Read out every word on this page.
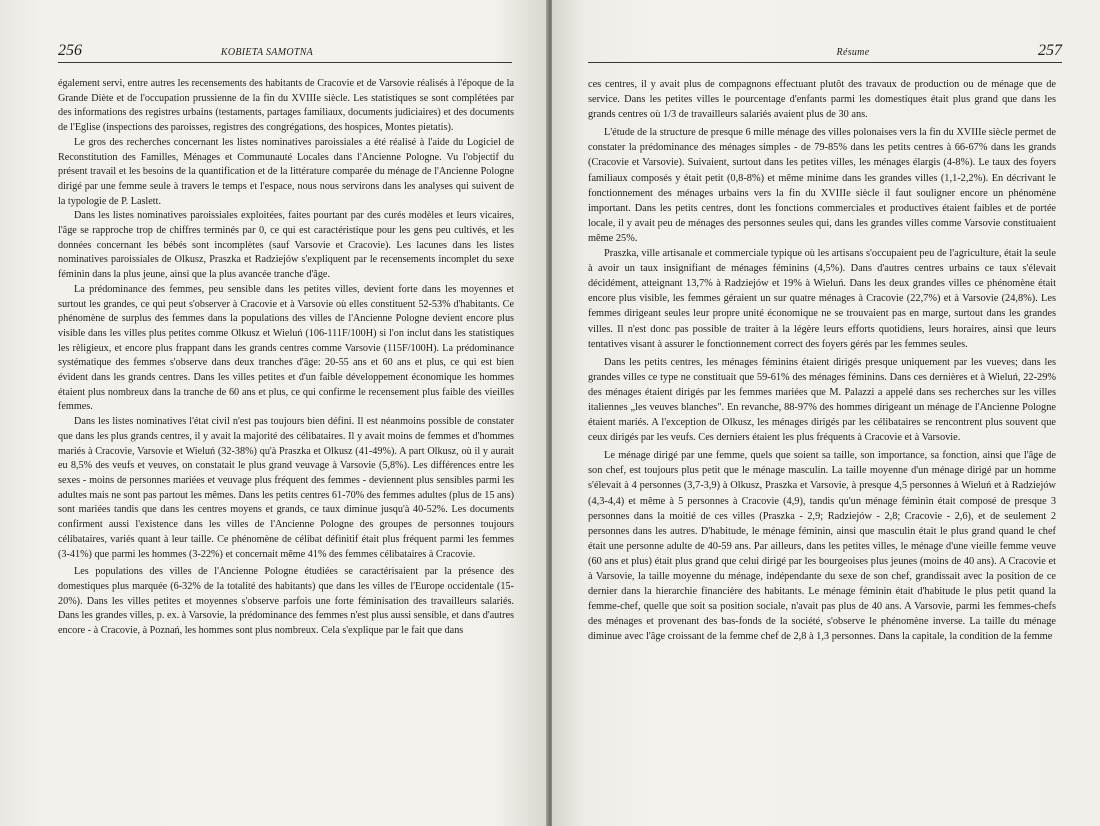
256	KOBIETA SAMOTNA

également servi, entre autres les recensements des habitants de Cracovie et de Varsovie réalisés à l'époque de la Grande Diète et de l'occupation prussienne de la fin du XVIIIe siècle. Les statistiques se sont complétées par des informations des registres urbains (testaments, partages familiaux, documents judiciaires) et des documents de l'Eglise (inspections des paroisses, registres des congrégations, des hospices, Montes pietatis).

Le gros des recherches concernant les listes nominatives paroissiales a été réalisé à l'aide du Logiciel de Reconstitution des Familles, Ménages et Communauté Locales dans l'Ancienne Pologne. Vu l'objectif du présent travail et les besoins de la quantification et de la littérature comparée du ménage de l'Ancienne Pologne dirigé par une femme seule à travers le temps et l'espace, nous nous servirons dans les analyses qui suivent de la typologie de P. Laslett.

Dans les listes nominatives paroissiales exploitées, faites pourtant par des curés modèles et leurs vicaires, l'âge se rapproche trop de chiffres terminés par 0, ce qui est caractéristique pour les gens peu cultivés, et les données concernant les bébés sont incomplètes (sauf Varsovie et Cracovie). Les lacunes dans les listes nominatives paroissiales de Olkusz, Praszka et Radziejów s'expliquent par le recensements incomplet du sexe féminin dans la plus jeune, ainsi que la plus avancée tranche d'âge.

La prédominance des femmes, peu sensible dans les petites villes, devient forte dans les moyennes et surtout les grandes, ce qui peut s'observer à Cracovie et à Varsovie où elles constituent 52-53% d'habitants. Ce phénomène de surplus des femmes dans la populations des villes de l'Ancienne Pologne devient encore plus visible dans les villes plus petites comme Olkusz et Wieluń (106-111F/100H) si l'on inclut dans les statistiques les rèligieux, et encore plus frappant dans les grands centres comme Varsovie (115F/100H). La prédominance systématique des femmes s'observe dans deux tranches d'âge: 20-55 ans et 60 ans et plus, ce qui est bien évident dans les grands centres. Dans les villes petites et d'un faible développement économique les hommes étaient plus nombreux dans la tranche de 60 ans et plus, ce qui confirme le recensement plus faible des vieilles femmes.

Dans les listes nominatives l'état civil n'est pas toujours bien défini. Il est néanmoins possible de constater que dans les plus grands centres, il y avait la majorité des célibataires. Il y avait moins de femmes et d'hommes mariés à Cracovie, Varsovie et Wieluń (32-38%) qu'à Praszka et Olkusz (41-49%). A part Olkusz, où il y aurait eu 8,5% des veufs et veuves, on constatait le plus grand veuvage à Varsovie (5,8%). Les différences entre les sexes - moins de personnes mariées et veuvage plus fréquent des femmes - deviennent plus sensibles parmi les adultes mais ne sont pas partout les mêmes. Dans les petits centres 61-70% des femmes adultes (plus de 15 ans) sont mariées tandis que dans les centres moyens et grands, ce taux diminue jusqu'à 40-52%. Les documents confirment aussi l'existence dans les villes de l'Ancienne Pologne des groupes de personnes toujours célibataires, variés quant à leur taille. Ce phénomène de célibat définitif était plus fréquent parmi les femmes (3-41%) que parmi les hommes (3-22%) et concernait même 41% des femmes célibataires à Cracovie.

Les populations des villes de l'Ancienne Pologne étudiées se caractérisaient par la présence des domestiques plus marquée (6-32% de la totalité des habitants) que dans les villes de l'Europe occidentale (15-20%). Dans les villes petites et moyennes s'observe parfois une forte féminisation des travailleurs salariés. Dans les grandes villes, p. ex. à Varsovie, la prédominance des femmes n'est plus aussi sensible, et dans d'autres encore - à Cracovie, à Poznań, les hommes sont plus nombreux. Cela s'explique par le fait que dans

Résume	257

ces centres, il y avait plus de compagnons effectuant plutôt des travaux de production ou de ménage que de service. Dans les petites villes le pourcentage d'enfants parmi les domestiques était plus grand que dans les grands centres où 1/3 de travailleurs salariés avaient plus de 30 ans.

L'étude de la structure de presque 6 mille ménage des villes polonaises vers la fin du XVIIIe siècle permet de constater la prédominance des ménages simples - de 79-85% dans les petits centres à 66-67% dans les grands (Cracovie et Varsovie). Suivaient, surtout dans les petites villes, les ménages élargis (4-8%). Le taux des foyers familiaux composés y était petit (0,8-8%) et même minime dans les grandes villes (1,1-2,2%). En décrivant le fonctionnement des ménages urbains vers la fin du XVIIIe siècle il faut souligner encore un phénomène important. Dans les petits centres, dont les fonctions commerciales et productives étaient faibles et de portée locale, il y avait peu de ménages des personnes seules qui, dans les grandes villes comme Varsovie constituaient même 25%.

Praszka, ville artisanale et commerciale typique où les artisans s'occupaient peu de l'agriculture, était la seule à avoir un taux insignifiant de ménages féminins (4,5%). Dans d'autres centres urbains ce taux s'élevait décidément, atteignant 13,7% à Radziejów et 19% à Wieluń. Dans les deux grandes villes ce phénomène était encore plus visible, les femmes géraient un sur quatre ménages à Cracovie (22,7%) et à Varsovie (24,8%). Les femmes dirigeant seules leur propre unité économique ne se trouvaient pas en marge, surtout dans les grandes villes. Il n'est donc pas possible de traiter à la légère leurs efforts quotidiens, leurs horaires, ainsi que leurs tentatives visant à assurer le fonctionnement correct des foyers gérés par les femmes seules.

Dans les petits centres, les ménages féminins étaient dirigés presque uniquement par les vueves; dans les grandes villes ce type ne constituait que 59-61% des ménages féminins. Dans ces dernières et à Wieluń, 22-29% des ménages étaient dirigés par les femmes mariées que M. Palazzi a appelé dans ses recherches sur les villes italiennes „les veuves blanches". En revanche, 88-97% des hommes dirigeant un ménage de l'Ancienne Pologne étaient mariés. A l'exception de Olkusz, les ménages dirigés par les célibataires se rencontrent plus souvent que ceux dirigés par les veufs. Ces derniers étaient les plus fréquents à Cracovie et à Varsovie.

Le ménage dirigé par une femme, quels que soient sa taille, son importance, sa fonction, ainsi que l'âge de son chef, est toujours plus petit que le ménage masculin. La taille moyenne d'un ménage dirigé par un homme s'élevait à 4 personnes (3,7-3,9) à Olkusz, Praszka et Varsovie, à presque 4,5 personnes à Wieluń et à Radziejów (4,3-4,4) et même à 5 personnes à Cracovie (4,9), tandis qu'un ménage féminin était composé de presque 3 personnes dans la moitié de ces villes (Praszka - 2,9; Radziejów - 2,8; Cracovie - 2,6), et de seulement 2 personnes dans les autres. D'habitude, le ménage féminin, ainsi que masculin était le plus grand quand le chef était une personne adulte de 40-59 ans. Par ailleurs, dans les petites villes, le ménage d'une vieille femme veuve (60 ans et plus) était plus grand que celui dirigé par les bourgeoises plus jeunes (moins de 40 ans). A Cracovie et à Varsovie, la taille moyenne du ménage, indépendante du sexe de son chef, grandissait avec la position de ce dernier dans la hierarchie financière des habitants. Le ménage féminin était d'habitude le plus petit quand la femme-chef, quelle que soit sa position sociale, n'avait pas plus de 40 ans. A Varsovie, parmi les femmes-chefs des ménages et provenant des bas-fonds de la société, s'observe le phénomène inverse. La taille du ménage diminue avec l'âge croissant de la femme chef de 2,8 à 1,3 personnes. Dans la capitale, la condition de la femme
